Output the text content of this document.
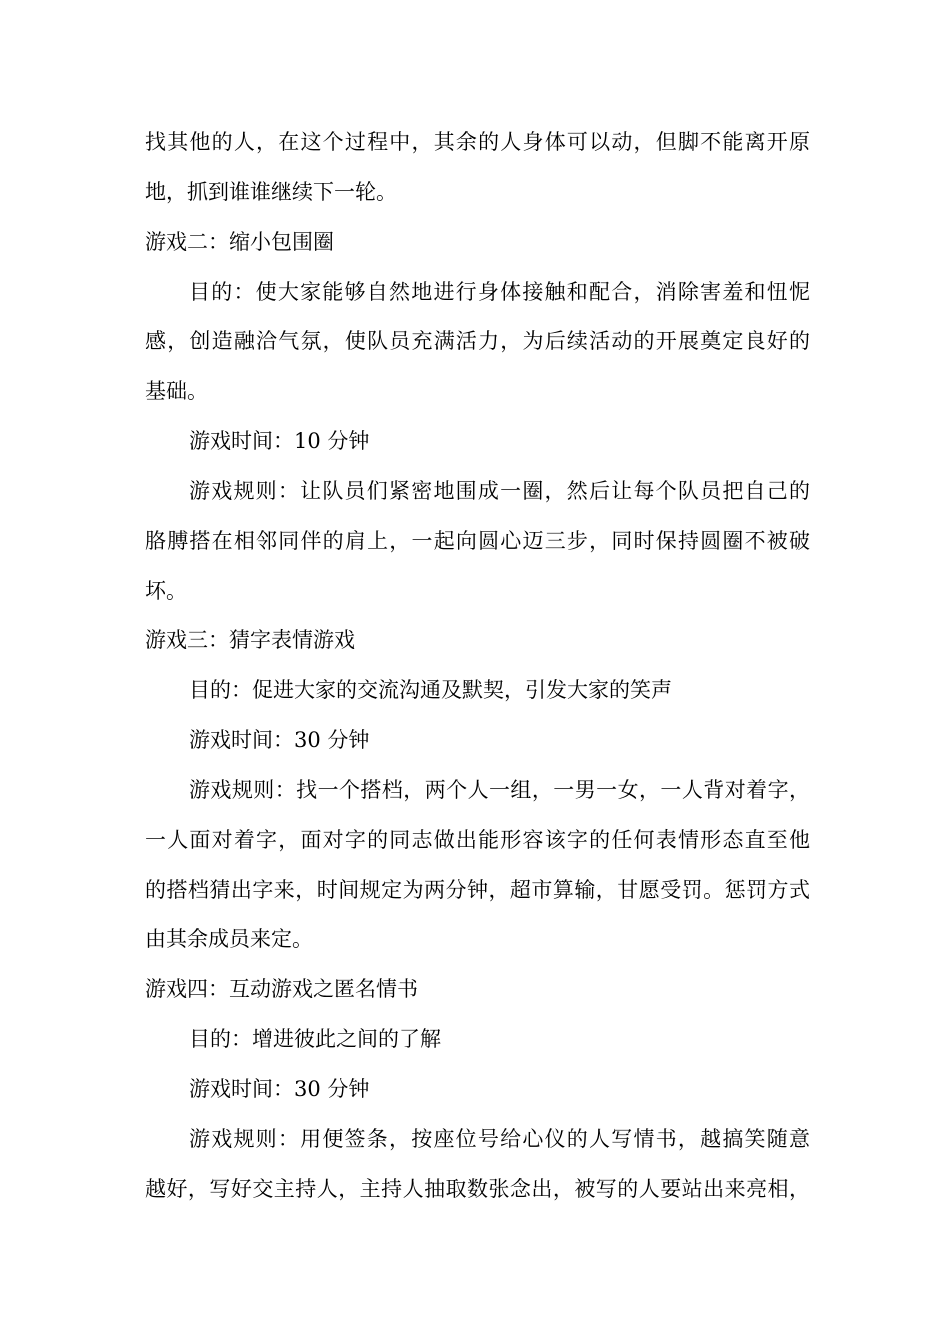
找其他的人，在这个过程中，其余的人身体可以动，但脚不能离开原
地，抓到谁谁继续下一轮。
游戏二：缩小包围圈
目的：使大家能够自然地进行身体接触和配合，消除害羞和忸怩
感，创造融洽气氛，使队员充满活力，为后续活动的开展奠定良好的
基础。
游戏时间：10 分钟
游戏规则：让队员们紧密地围成一圈，然后让每个队员把自己的
胳膊搭在相邻同伴的肩上，一起向圆心迈三步，同时保持圆圈不被破
坏。
游戏三：猜字表情游戏
目的：促进大家的交流沟通及默契，引发大家的笑声
游戏时间：30 分钟
游戏规则：找一个搭档，两个人一组，一男一女，一人背对着字，
一人面对着字，面对字的同志做出能形容该字的任何表情形态直至他
的搭档猜出字来，时间规定为两分钟，超市算输，甘愿受罚。惩罚方式
由其余成员来定。
游戏四：互动游戏之匿名情书
目的：增进彼此之间的了解
游戏时间：30 分钟
游戏规则：用便签条，按座位号给心仪的人写情书，越搞笑随意
越好，写好交主持人，主持人抽取数张念出，被写的人要站出来亮相，
